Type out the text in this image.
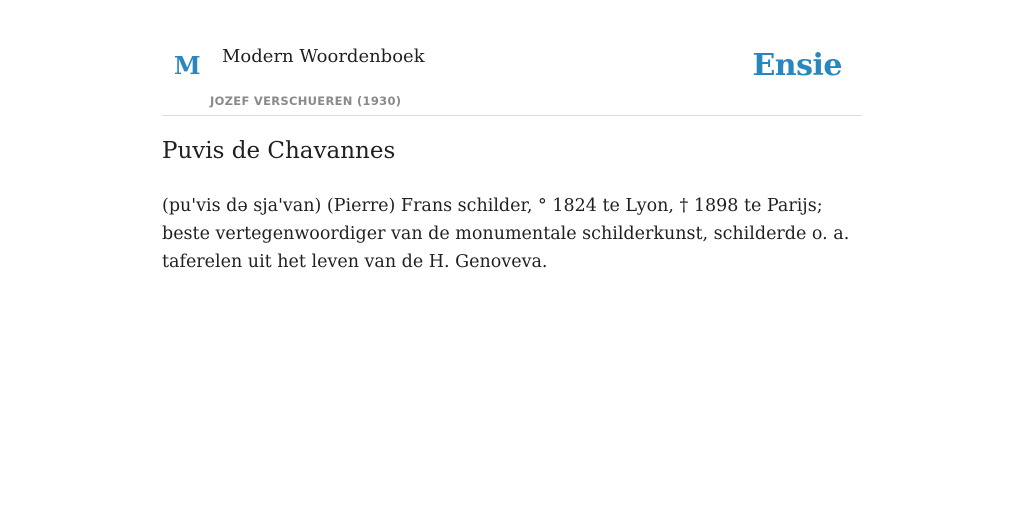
M Modern Woordenboek
JOZEF VERSCHUEREN (1930)
Ensie
Puvis de Chavannes

(pu'vis də sja'van) (Pierre) Frans schilder, ° 1824 te Lyon, † 1898 te Parijs; beste vertegenwoordiger van de monumentale schilderkunst, schilderde o. a. taferelen uit het leven van de H. Genoveva.
